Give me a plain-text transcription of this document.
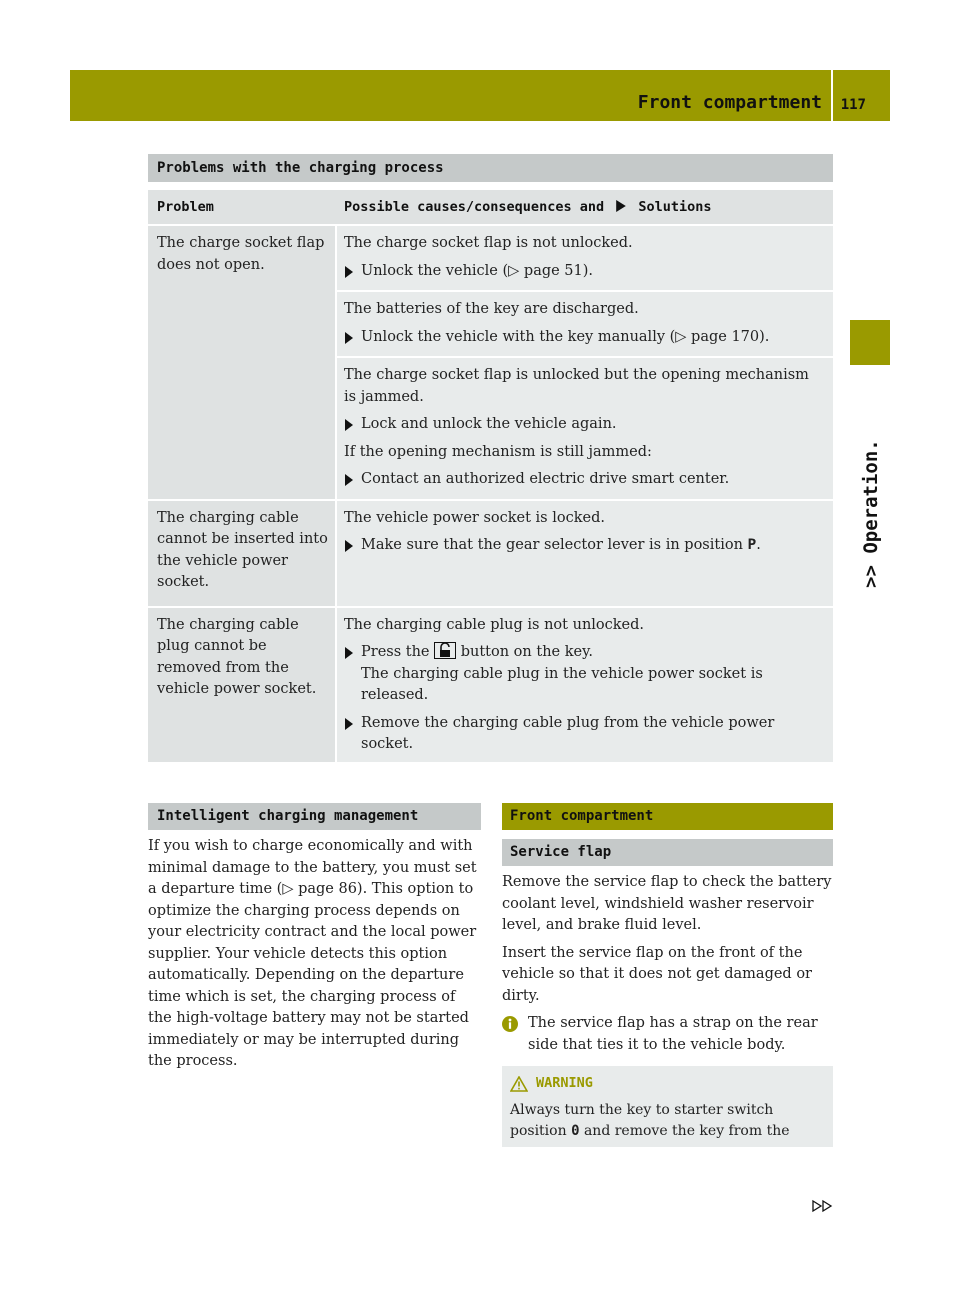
Front compartment 117
>> Operation.
Problems with the charging process
Problem	Possible causes/consequences and	Solutions
The charge socket flap does not open.

The charge socket flap is not unlocked.

Unlock the vehicle (▷ page 51).

The batteries of the key are discharged.

Unlock the vehicle with the key manually (▷ page 170).

The charge socket flap is unlocked but the opening mechanism is jammed.

Lock and unlock the vehicle again.

If the opening mechanism is still jammed:

Contact an authorized electric drive smart center.
The charging cable cannot be inserted into the vehicle power socket.

The vehicle power socket is locked.

Make sure that the gear selector lever is in position P.
The charging cable plug cannot be removed from the vehicle power socket.

The charging cable plug is not unlocked.

Press the button on the key.
The charging cable plug in the vehicle power socket is released.
Remove the charging cable plug from the vehicle power socket.
Intelligent charging management

If you wish to charge economically and with minimal damage to the battery, you must set a departure time (▷ page 86). This option to optimize the charging process depends on your electricity contract and the local power supplier. Your vehicle detects this option automatically. Depending on the departure time which is set, the charging process of the high-voltage battery may not be started immediately or may be interrupted during the process.

Front compartment
Service flap

Remove the service flap to check the battery coolant level, windshield washer reservoir level, and brake fluid level.

Insert the service flap on the front of the vehicle so that it does not get damaged or dirty.

The service flap has a strap on the rear side that ties it to the vehicle body.
WARNING
Always turn the key to starter switch position 0 and remove the key from the
